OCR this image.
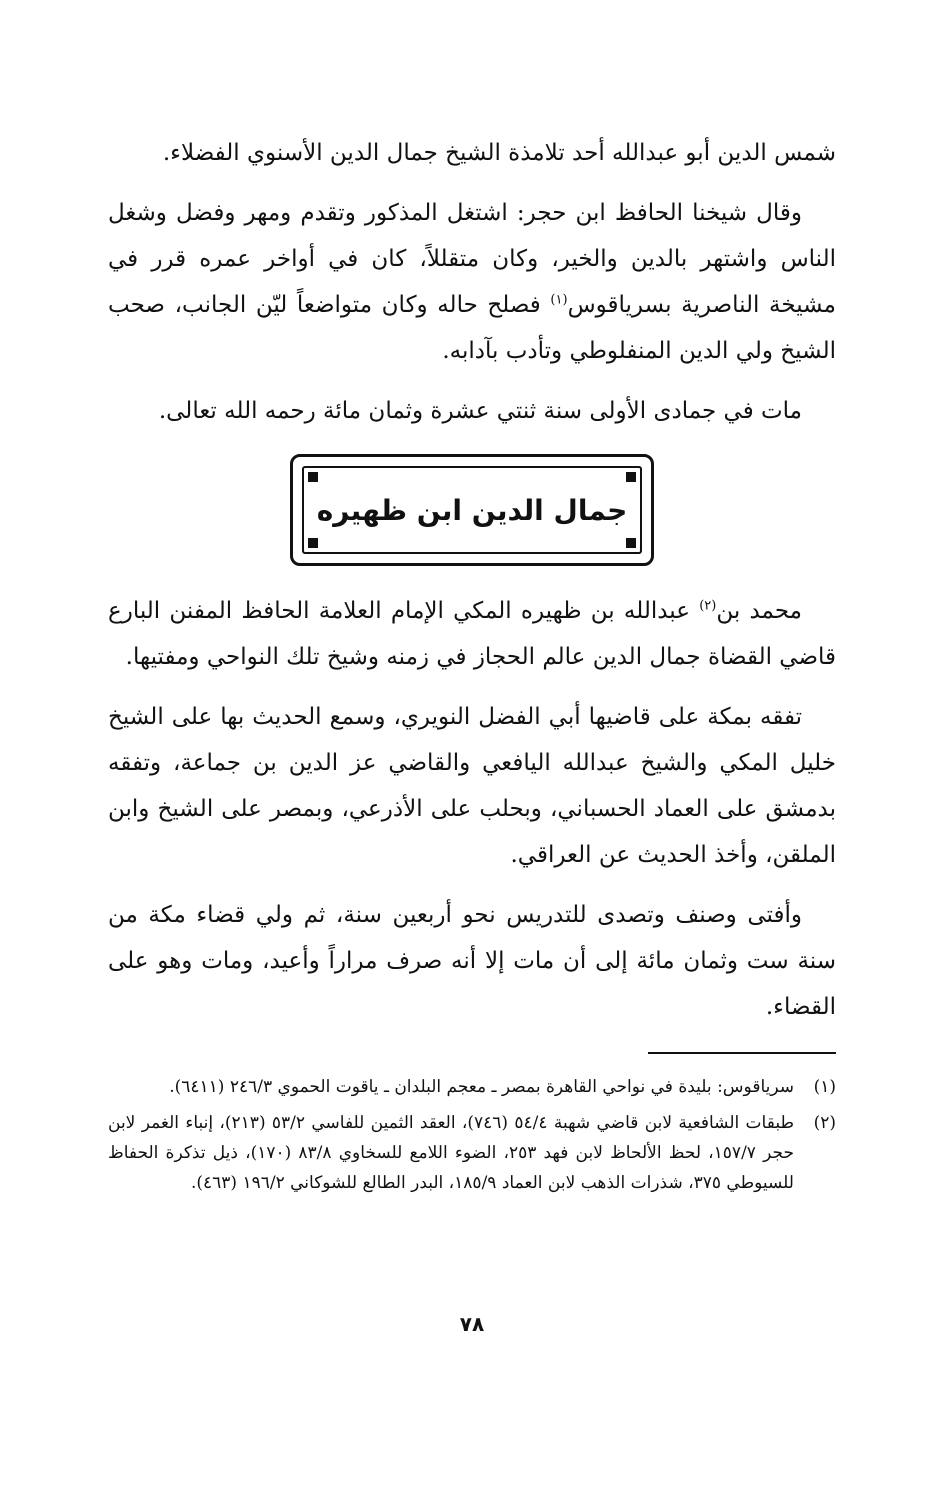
شمس الدين أبو عبدالله أحد تلامذة الشيخ جمال الدين الأسنوي الفضلاء.

وقال شيخنا الحافظ ابن حجر: اشتغل المذكور وتقدم ومهر وفضل وشغل الناس واشتهر بالدين والخير، وكان متقللاً، كان في أواخر عمره قرر في مشيخة الناصرية بسرياقوس$^{(١)}$ فصلح حاله وكان متواضعاً ليّن الجانب، صحب الشيخ ولي الدين المنفلوطي وتأدب بآدابه.

مات في جمادى الأولى سنة ثنتي عشرة وثمان مائة رحمه الله تعالى.

جمال الدين ابن ظهيره

محمد بن$^{(٢)}$ عبدالله بن ظهيره المكي الإمام العلامة الحافظ المفنن البارع قاضي القضاة جمال الدين عالم الحجاز في زمنه وشيخ تلك النواحي ومفتيها.

تفقه بمكة على قاضيها أبي الفضل النويري، وسمع الحديث بها على الشيخ خليل المكي والشيخ عبدالله اليافعي والقاضي عز الدين بن جماعة، وتفقه بدمشق على العماد الحسباني، وبحلب على الأذرعي، وبمصر على الشيخ وابن الملقن، وأخذ الحديث عن العراقي.

وأفتى وصنف وتصدى للتدريس نحو أربعين سنة، ثم ولي قضاء مكة من سنة ست وثمان مائة إلى أن مات إلا أنه صرف مراراً وأعيد، ومات وهو على القضاء.

(١)
سرياقوس: بليدة في نواحي القاهرة بمصر ـ معجم البلدان ـ ياقوت الحموي ٢٤٦/٣ (٦٤١١).
(٢)
طبقات الشافعية لابن قاضي شهبة ٥٤/٤ (٧٤٦)، العقد الثمين للفاسي ٥٣/٢ (٢١٣)، إنباء الغمر لابن حجر ١٥٧/٧، لحظ الألحاظ لابن فهد ٢٥٣، الضوء اللامع للسخاوي ٨٣/٨ (١٧٠)، ذيل تذكرة الحفاظ للسيوطي ٣٧٥، شذرات الذهب لابن العماد ١٨٥/٩، البدر الطالع للشوكاني ١٩٦/٢ (٤٦٣).
٧٨
